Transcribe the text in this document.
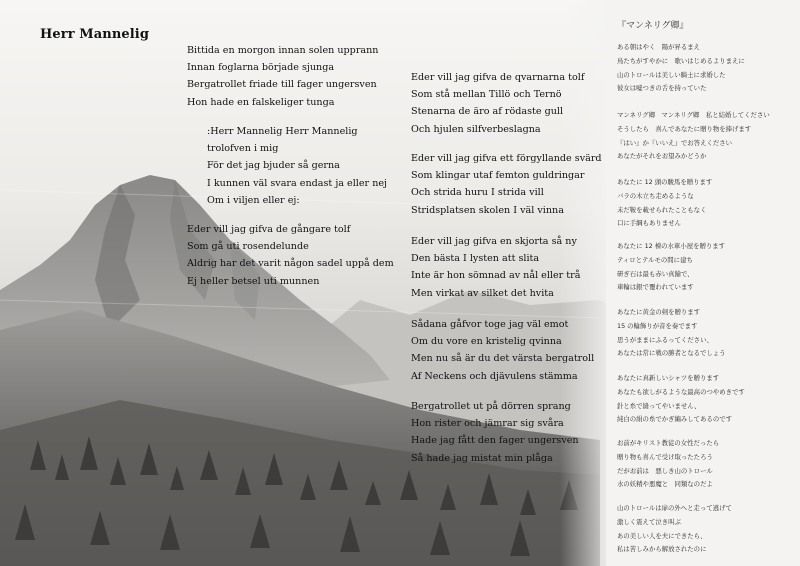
Herr Mannelig
Bittida en morgon innan solen upprann
Innan foglarna började sjunga
Bergatrollet friade till fager ungersven
Hon hade en falskeliger tunga
:Herr Mannelig Herr Mannelig
trolofven i mig
För det jag bjuder så gerna
I kunnen väl svara endast ja eller nej
Om i viljen eller ej:
Eder vill jag gifva de gångare tolf
Som gå uti rosendelunde
Aldrig har det varit någon sadel uppå dem
Ej heller betsel uti munnen
Eder vill jag gifva de qvarnarna tolf
Som stå mellan Tillö och Ternö
Stenarna de äro af rödaste gull
Och hjulen silfverbeslagna
Eder vill jag gifva ett förgyllande svärd
Som klingar utaf femton guldringar
Och strida huru I strida vill
Stridsplatsen skolen I väl vinna
Eder vill jag gifva en skjorta så ny
Den bästa I lysten att slita
Inte är hon sömnad av nål eller trå
Men virkat av silket det hvita
Sådana gåfvor toge jag väl emot
Om du vore en kristelig qvinna
Men nu så är du det värsta bergatroll
Af Neckens och djävulens stämma
Bergatrollet ut på dörren sprang
Hon rister och jämrar sig svåra
Hade jag fått den fager ungersven
Så hade jag mistat min plåga
『マンネリグ卿』
ある朝はやく　陽が昇るまえ
鳥たちがすやかに　歌いはじめるよりまえに
山のトロールは美しい騎士に求婚した
彼女は嘘つきの舌を持っていた
マンネリグ卿　マンネリグ卿　私と結婚してください
そうしたら　喜んであなたに贈り物を捧げます
『はい』か『いいえ』でお答えください
あなたがそれをお望みかどうか
あなたに 12 頭の駿馬を贈ります
バラの木立ち走めるような
未だ鞍を載せられたこともなく
口に手綱もありません
あなたに 12 棟の水車小屋を贈ります
ティロとテルモの間に建ち
研ぎ石は最も赤い真鍮で、
車輪は銀で覆われています
あなたに黄金の剣を贈ります
15 の輪飾りが音を奏でます
思うがままにふるってください、
あなたは常に戦の勝者となるでしょう
あなたに真新しいシャツを贈ります
あなたも欲しがるような最高のつやめきです
針と糸で縫ってやいません、
純白の絹の糸でかぎ編みしてあるのです
お前がキリスト教徒の女性だったら
贈り物も喜んで受け取ったたろう
だがお前は　悪しき山のトロール
水の妖精や悪魔と　同類なのだよ
山のトロールは扉の外へと走って逃げて
激しく震えて泣き叫ぶ
あの美しい人を夫にできたら、
私は苦しみから解放されたのに
